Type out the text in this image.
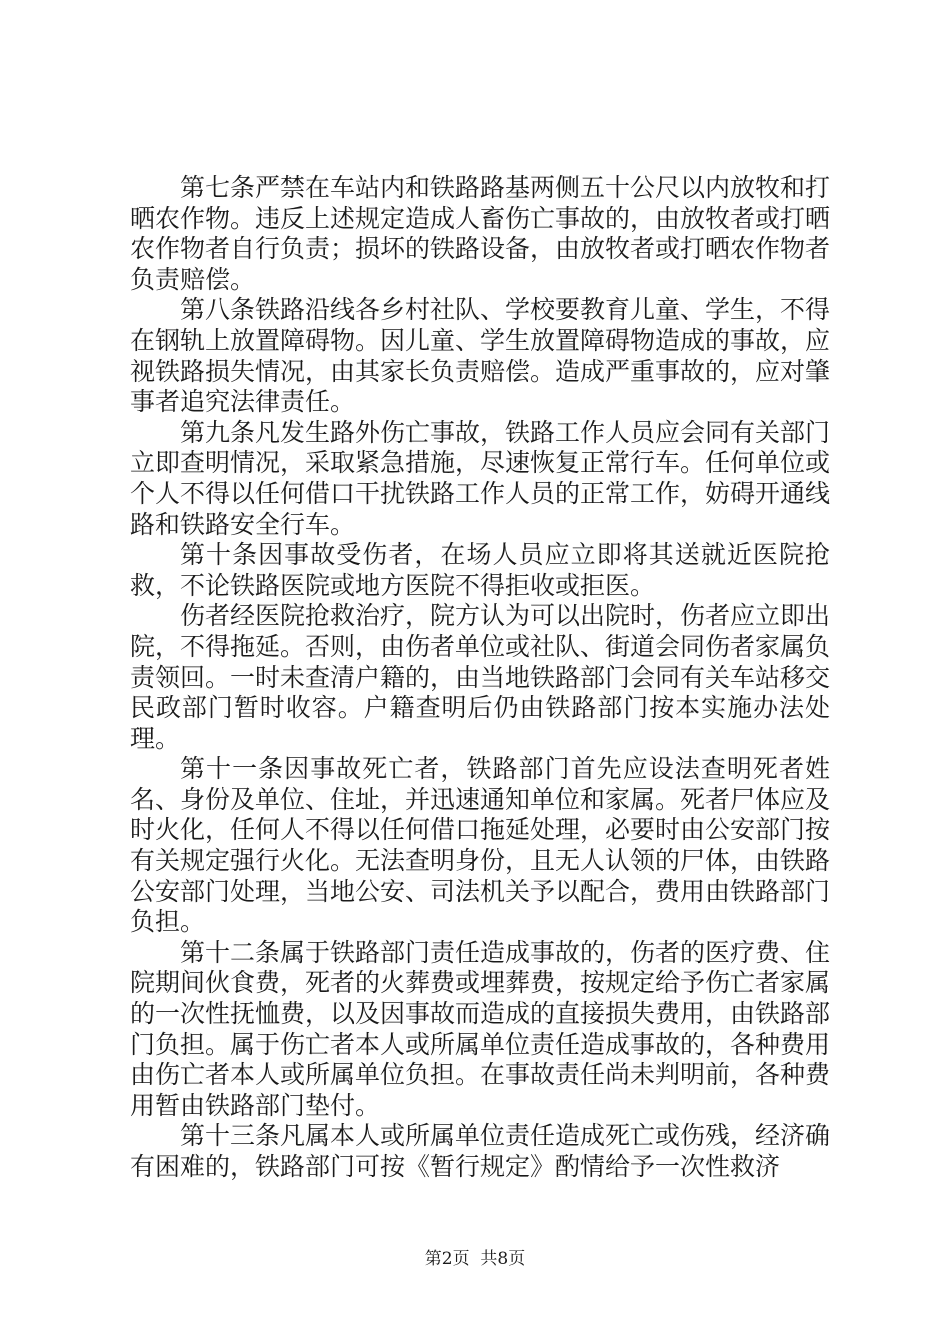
第七条严禁在车站内和铁路路基两侧五十公尺以内放牧和打晒农作物。违反上述规定造成人畜伤亡事故的，由放牧者或打晒农作物者自行负责；损坏的铁路设备，由放牧者或打晒农作物者负责赔偿。

第八条铁路沿线各乡村社队、学校要教育儿童、学生，不得在钢轨上放置障碍物。因儿童、学生放置障碍物造成的事故，应视铁路损失情况，由其家长负责赔偿。造成严重事故的，应对肇事者追究法律责任。

第九条凡发生路外伤亡事故，铁路工作人员应会同有关部门立即查明情况，采取紧急措施，尽速恢复正常行车。任何单位或个人不得以任何借口干扰铁路工作人员的正常工作，妨碍开通线路和铁路安全行车。

第十条因事故受伤者，在场人员应立即将其送就近医院抢救，不论铁路医院或地方医院不得拒收或拒医。

伤者经医院抢救治疗，院方认为可以出院时，伤者应立即出院，不得拖延。否则，由伤者单位或社队、街道会同伤者家属负责领回。一时未查清户籍的，由当地铁路部门会同有关车站移交民政部门暂时收容。户籍查明后仍由铁路部门按本实施办法处理。

第十一条因事故死亡者，铁路部门首先应设法查明死者姓名、身份及单位、住址，并迅速通知单位和家属。死者尸体应及时火化，任何人不得以任何借口拖延处理，必要时由公安部门按有关规定强行火化。无法查明身份，且无人认领的尸体，由铁路公安部门处理，当地公安、司法机关予以配合，费用由铁路部门负担。

第十二条属于铁路部门责任造成事故的，伤者的医疗费、住院期间伙食费，死者的火葬费或埋葬费，按规定给予伤亡者家属的一次性抚恤费，以及因事故而造成的直接损失费用，由铁路部门负担。属于伤亡者本人或所属单位责任造成事故的，各种费用由伤亡者本人或所属单位负担。在事故责任尚未判明前，各种费用暂由铁路部门垫付。

第十三条凡属本人或所属单位责任造成死亡或伤残，经济确有困难的，铁路部门可按《暂行规定》酌情给予一次性救济

第2页  共8页
